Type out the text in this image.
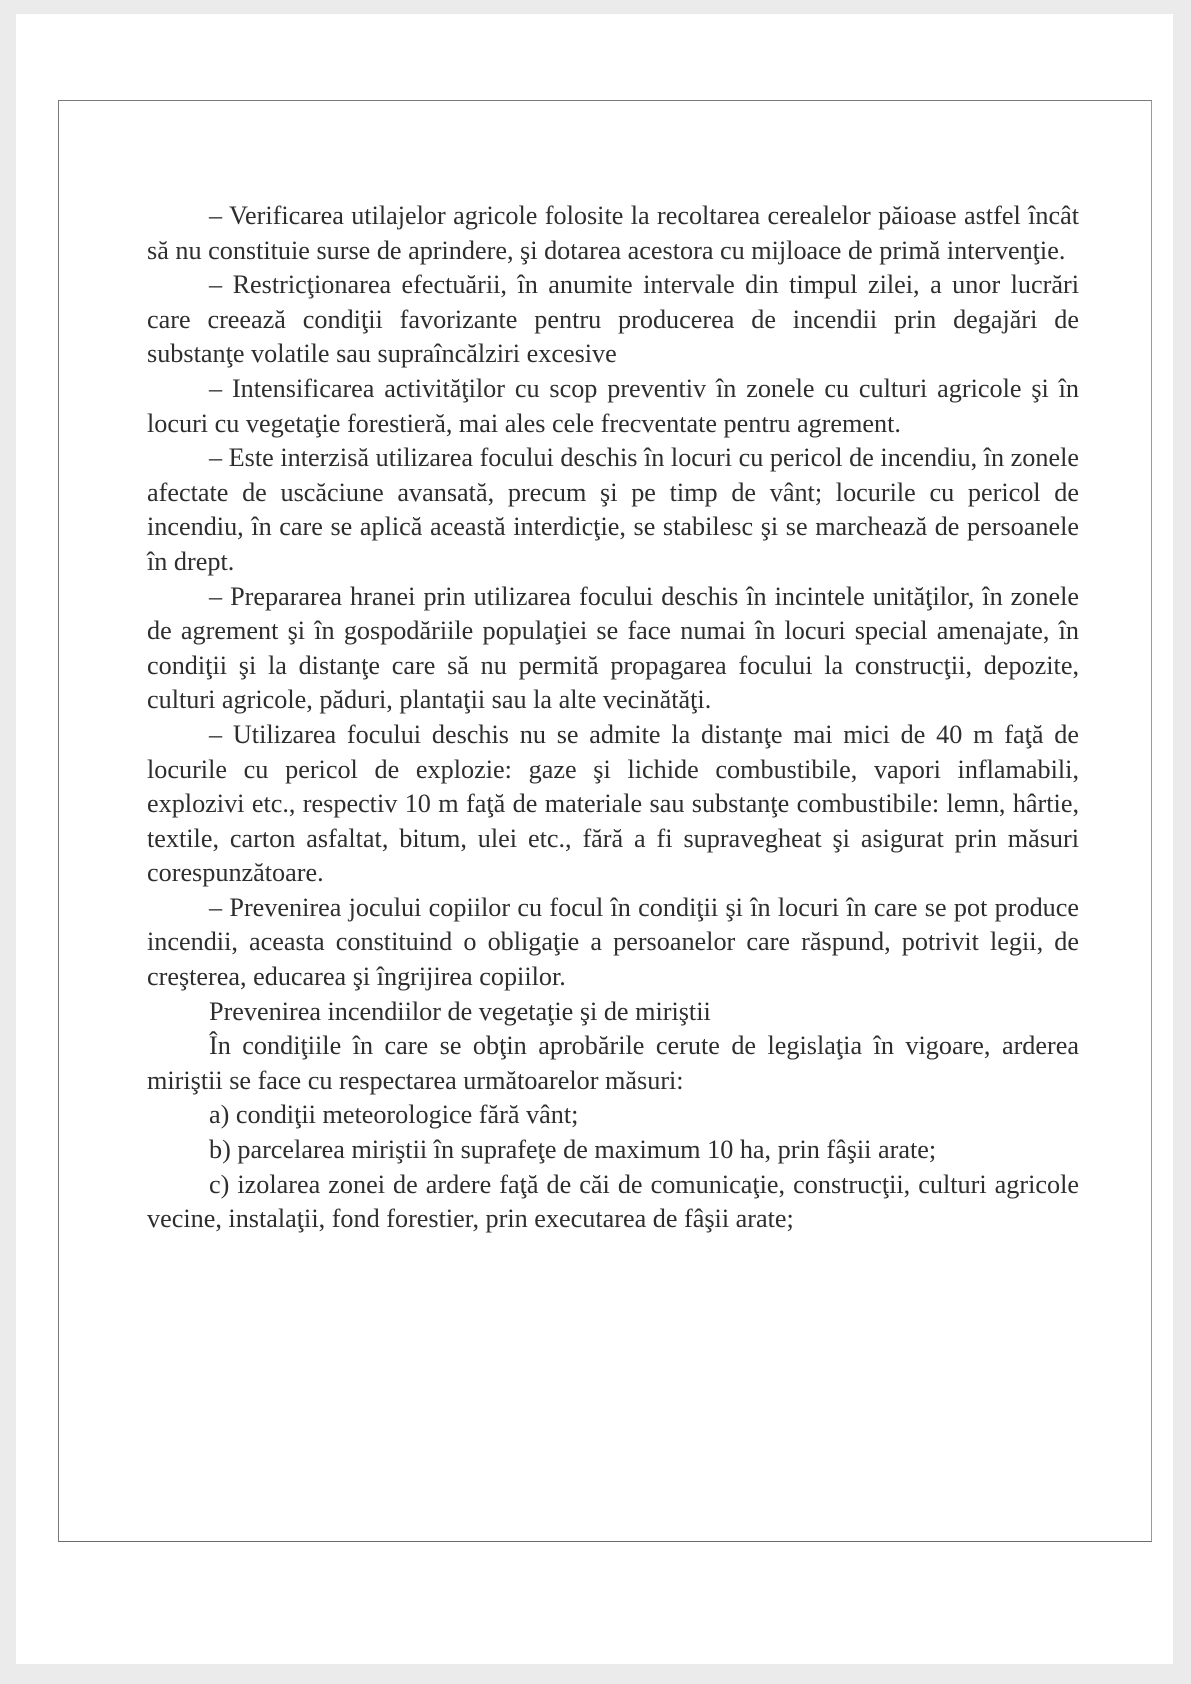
– Verificarea utilajelor agricole folosite la recoltarea cerealelor păioase astfel încât să nu constituie surse de aprindere, şi dotarea acestora cu mijloace de primă intervenţie.

– Restricţionarea efectuării, în anumite intervale din timpul zilei, a unor lucrări care creează condiţii favorizante pentru producerea de incendii prin degajări de substanţe volatile sau supraîncălziri excesive

– Intensificarea activităţilor cu scop preventiv în zonele cu culturi agricole şi în locuri cu vegetaţie forestieră, mai ales cele frecventate pentru agrement.

– Este interzisă utilizarea focului deschis în locuri cu pericol de incendiu, în zonele afectate de uscăciune avansată, precum şi pe timp de vânt; locurile cu pericol de incendiu, în care se aplică această interdicţie, se stabilesc şi se marchează de persoanele în drept.

– Prepararea hranei prin utilizarea focului deschis în incintele unităţilor, în zonele de agrement şi în gospodăriile populaţiei se face numai în locuri special amenajate, în condiţii şi la distanţe care să nu permită propagarea focului la construcţii, depozite, culturi agricole, păduri, plantaţii sau la alte vecinătăţi.

– Utilizarea focului deschis nu se admite la distanţe mai mici de 40 m faţă de locurile cu pericol de explozie: gaze şi lichide combustibile, vapori inflamabili, explozivi etc., respectiv 10 m faţă de materiale sau substanţe combustibile: lemn, hârtie, textile, carton asfaltat, bitum, ulei etc., fără a fi supravegheat şi asigurat prin măsuri corespunzătoare.

– Prevenirea jocului copiilor cu focul în condiţii şi în locuri în care se pot produce incendii, aceasta constituind o obligaţie a persoanelor care răspund, potrivit legii, de creşterea, educarea şi îngrijirea copiilor.

Prevenirea incendiilor de vegetaţie şi de miriştii

În condiţiile în care se obţin aprobările cerute de legislaţia în vigoare, arderea miriştii se face cu respectarea următoarelor măsuri:

a) condiţii meteorologice fără vânt;

b) parcelarea miriştii în suprafeţe de maximum 10 ha, prin fâşii arate;

c) izolarea zonei de ardere faţă de căi de comunicaţie, construcţii, culturi agricole vecine, instalaţii, fond forestier, prin executarea de fâşii arate;
